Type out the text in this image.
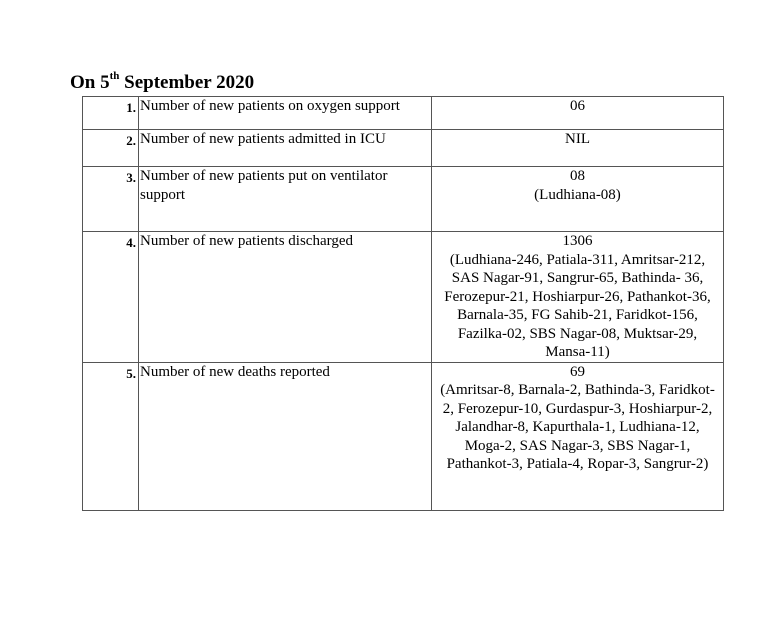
On 5th September 2020
1.	Number of new patients on oxygen support	06

2.	Number of new patients admitted in ICU	NIL

3.	Number of new patients put on ventilator support	08
(Ludhiana-08)

4.	Number of new patients discharged	1306
(Ludhiana-246, Patiala-311, Amritsar-212, SAS Nagar-91, Sangrur-65, Bathinda- 36, Ferozepur-21, Hoshiarpur-26, Pathankot-36, Barnala-35, FG Sahib-21, Faridkot-156, Fazilka-02, SBS Nagar-08, Muktsar-29, Mansa-11)

5.	Number of new deaths reported	69
(Amritsar-8, Barnala-2, Bathinda-3, Faridkot-2, Ferozepur-10, Gurdaspur-3, Hoshiarpur-2, Jalandhar-8, Kapurthala-1, Ludhiana-12, Moga-2, SAS Nagar-3, SBS Nagar-1, Pathankot-3, Patiala-4, Ropar-3, Sangrur-2)
